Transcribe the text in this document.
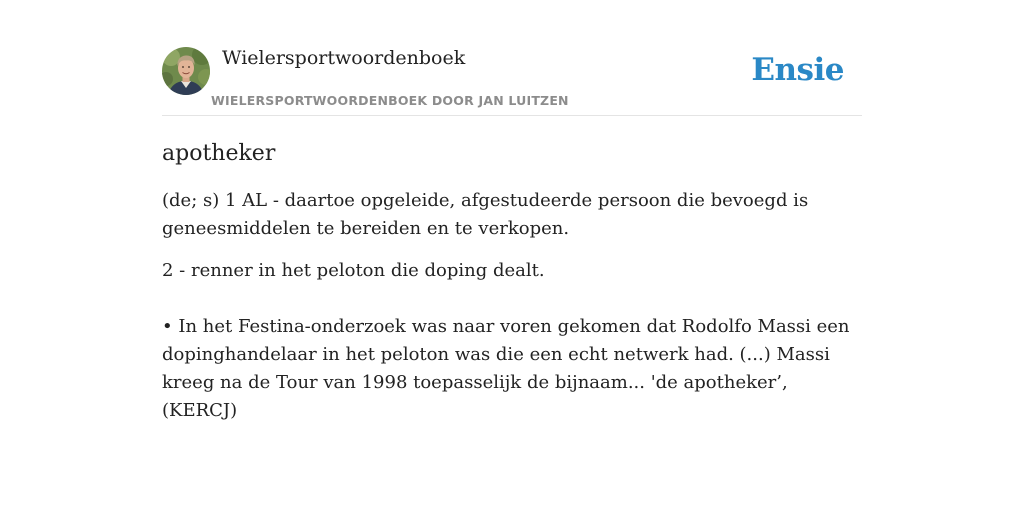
Wielersportwoordenboek
WIELERSPORTWOORDENBOEK DOOR JAN LUITZEN
Ensie
apotheker

(de; s) 1 AL - daartoe opgeleide, afgestudeerde persoon die bevoegd is geneesmiddelen te bereiden en te verkopen.

2 - renner in het peloton die doping dealt.

• In het Festina-onderzoek was naar voren gekomen dat Rodolfo Massi een dopinghandelaar in het peloton was die een echt netwerk had. (...) Massi kreeg na de Tour van 1998 toepasselijk de bijnaam... 'de apotheker’, (KERCJ)
